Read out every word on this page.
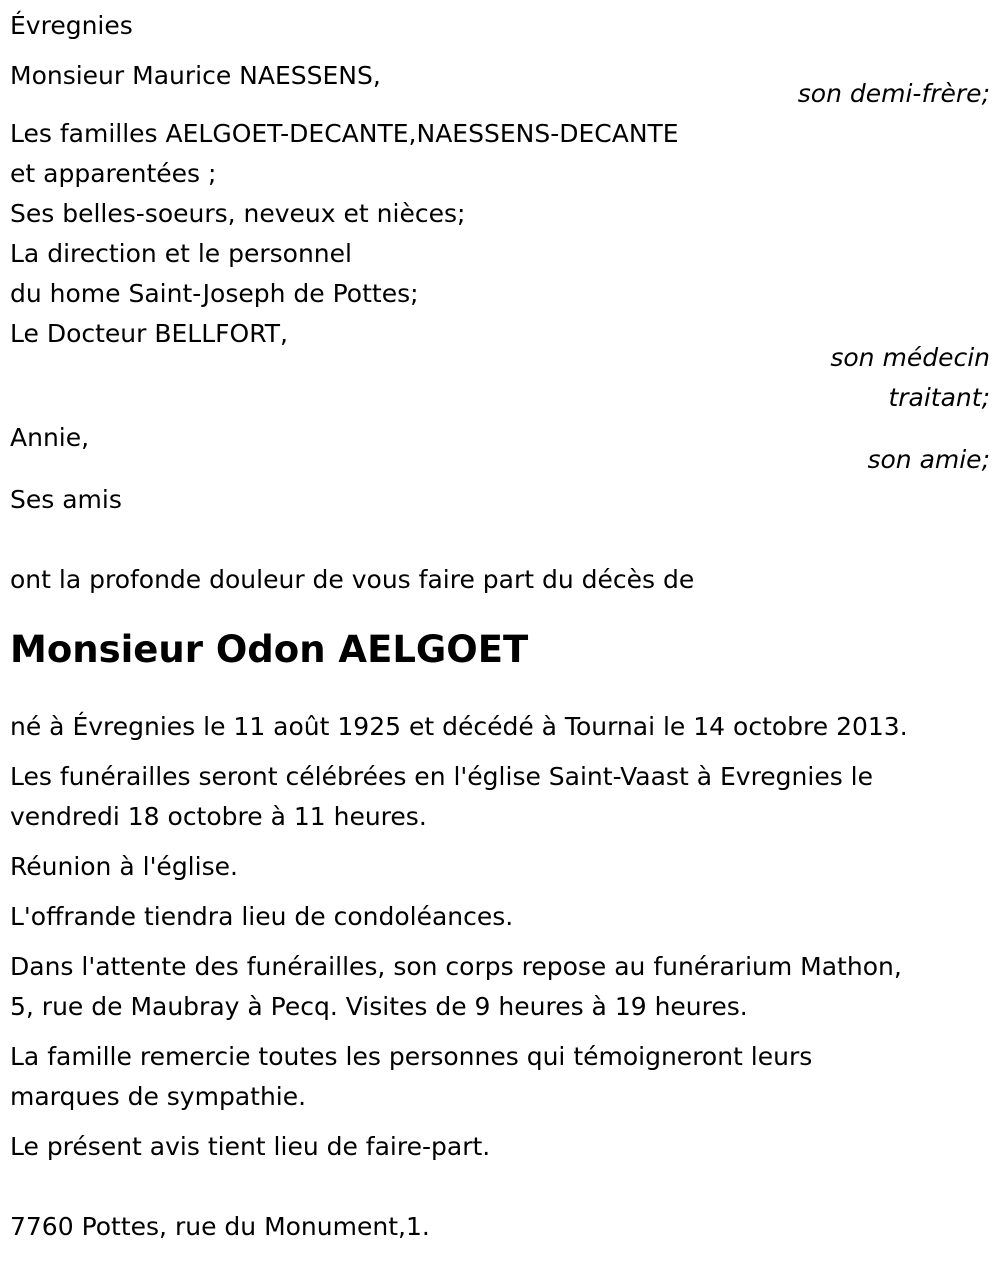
Évregnies
Monsieur Maurice NAESSENS,
son demi-frère;
Les familles AELGOET-DECANTE,NAESSENS-DECANTE
et apparentées ;
Ses belles-soeurs, neveux et nièces;
La direction et le personnel
du home Saint-Joseph de Pottes;
Le Docteur BELLFORT,
son médecin
traitant;
Annie,
son amie;
Ses amis
ont la profonde douleur de vous faire part du décès de
Monsieur Odon AELGOET
né à Évregnies le 11 août 1925 et décédé à Tournai le 14 octobre 2013.
Les funérailles seront célébrées en l'église Saint-Vaast à Evregnies le
vendredi 18 octobre à 11 heures.
Réunion à l'église.
L'offrande tiendra lieu de condoléances.
Dans l'attente des funérailles, son corps repose au funérarium Mathon,
5, rue de Maubray à Pecq. Visites de 9 heures à 19 heures.
La famille remercie toutes les personnes qui témoigneront leurs
marques de sympathie.
Le présent avis tient lieu de faire-part.
7760 Pottes, rue du Monument,1.
